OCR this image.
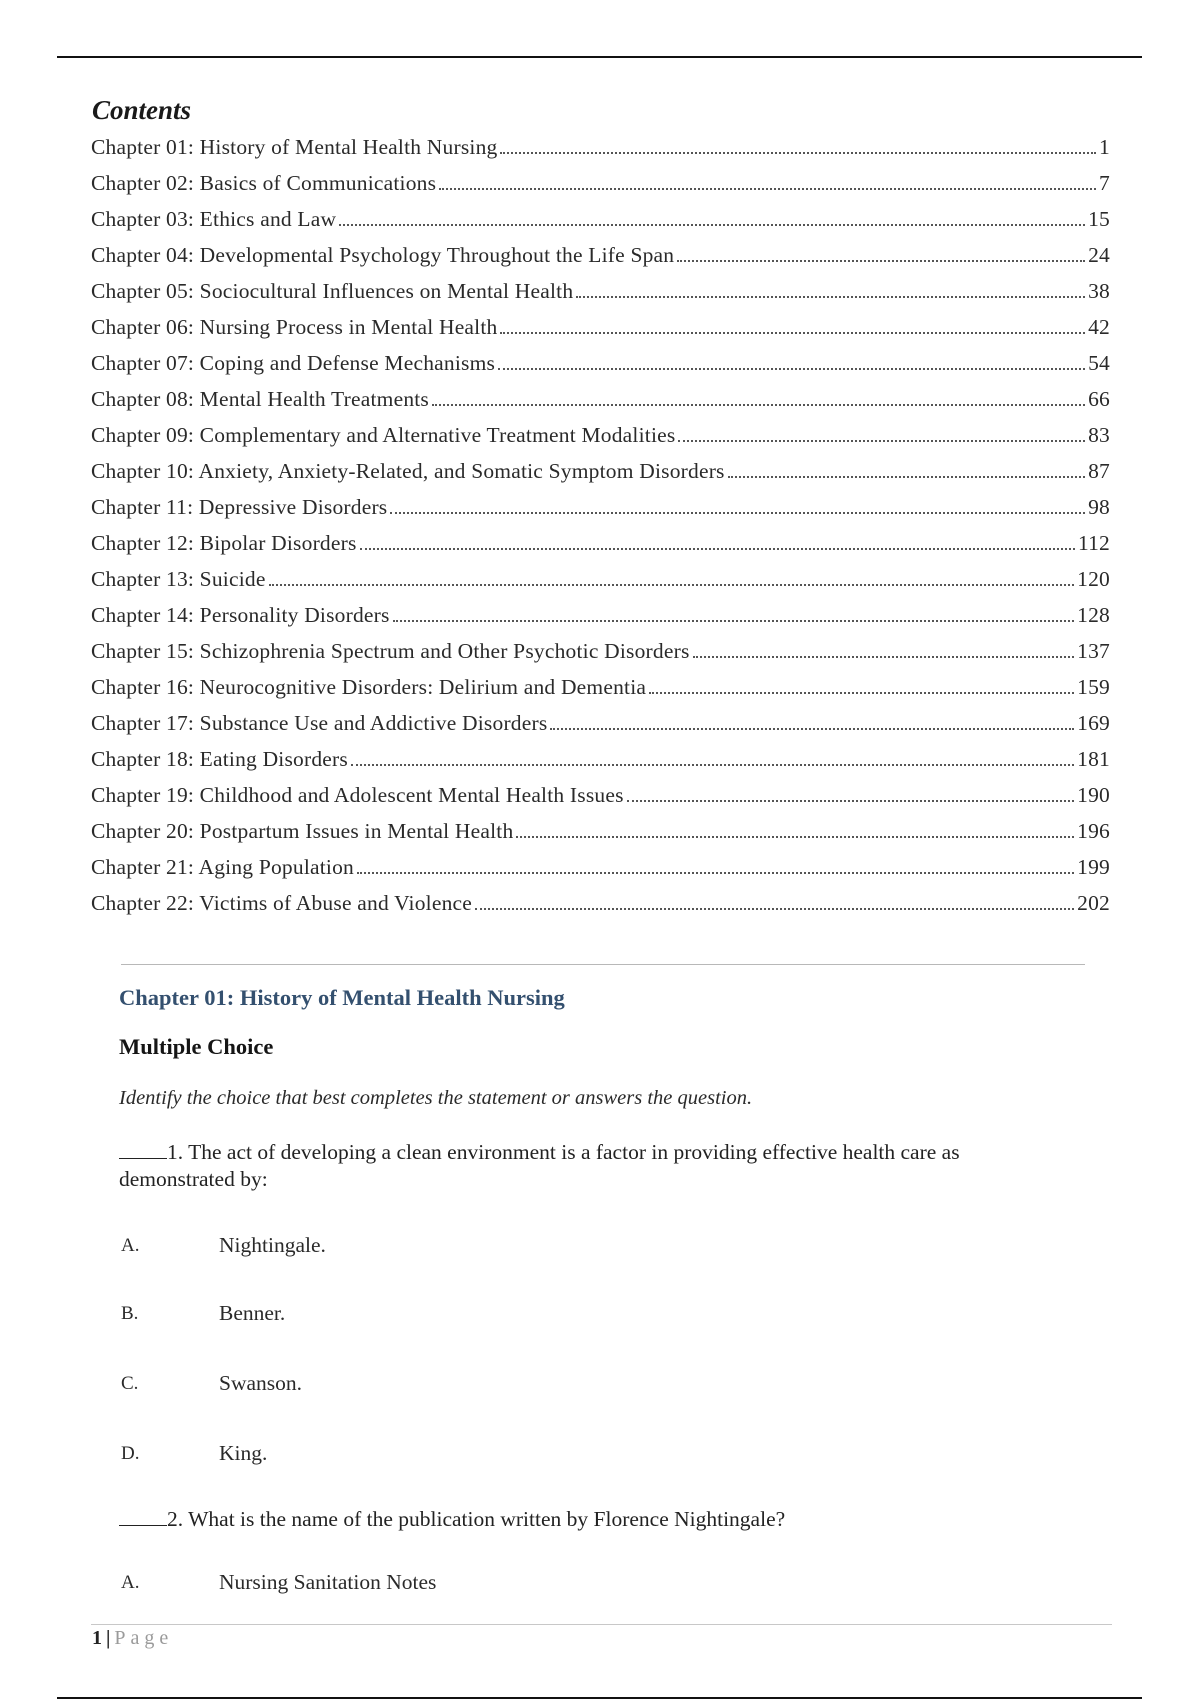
Contents
Chapter 01: History of Mental Health Nursing	1
Chapter 02: Basics of Communications	7
Chapter 03: Ethics and Law	15
Chapter 04: Developmental Psychology Throughout the Life Span	24
Chapter 05: Sociocultural Influences on Mental Health	38
Chapter 06: Nursing Process in Mental Health	42
Chapter 07: Coping and Defense Mechanisms	54
Chapter 08: Mental Health Treatments	66
Chapter 09: Complementary and Alternative Treatment Modalities	83
Chapter 10: Anxiety, Anxiety-Related, and Somatic Symptom Disorders	87
Chapter 11: Depressive Disorders	98
Chapter 12: Bipolar Disorders	112
Chapter 13: Suicide	120
Chapter 14: Personality Disorders	128
Chapter 15: Schizophrenia Spectrum and Other Psychotic Disorders	137
Chapter 16: Neurocognitive Disorders: Delirium and Dementia	159
Chapter 17: Substance Use and Addictive Disorders	169
Chapter 18: Eating Disorders	181
Chapter 19: Childhood and Adolescent Mental Health Issues	190
Chapter 20: Postpartum Issues in Mental Health	196
Chapter 21: Aging Population	199
Chapter 22: Victims of Abuse and Violence	202
Chapter 01: History of Mental Health Nursing
Multiple Choice

Identify the choice that best completes the statement or answers the question.

1. The act of developing a clean environment is a factor in providing effective health care as demonstrated by:

A.	Nightingale.
B.	Benner.
C.	Swanson.
D.	King.

2. What is the name of the publication written by Florence Nightingale?

A.	Nursing Sanitation Notes
1 | Page
